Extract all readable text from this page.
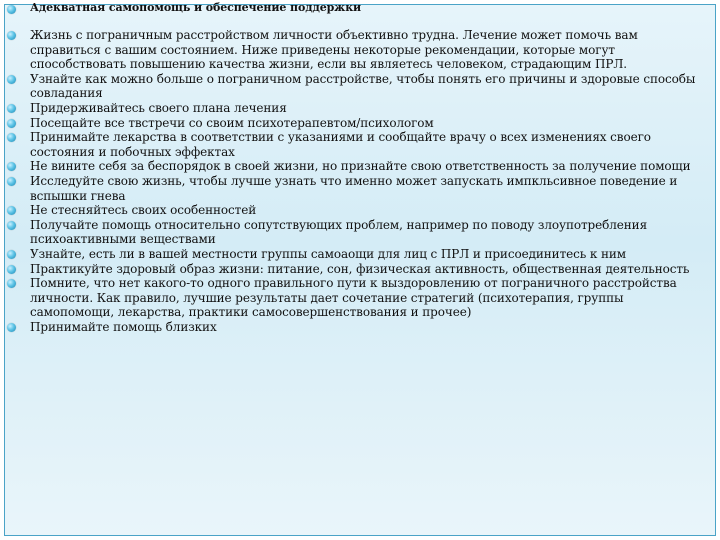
Адекватная самопомощь и обеспечение поддержки
Жизнь с пограничным расстройством личности объективно трудна. Лечение может помочь вам справиться с вашим состоянием. Ниже приведены некоторые рекомендации, которые могут способствовать повышению качества жизни, если вы являетесь человеком, страдающим ПРЛ.
Узнайте как можно больше о пограничном расстройстве, чтобы понять его причины и здоровые способы совладания
Придерживайтесь своего плана лечения
Посещайте все твстречи со своим психотерапевтом/психологом
Принимайте лекарства в соответствии с указаниями и сообщайте врачу о всех изменениях своего состояния и побочных эффектах
Не вините себя за беспорядок в своей жизни, но признайте свою ответственность за получение помощи
Исследуйте свою жизнь, чтобы лучше узнать что именно может запускать импкльсивное поведение и вспышки гнева
Не стесняйтесь своих особенностей
Получайте помощь относительно сопутствующих проблем, например по поводу злоупотребления психоактивными веществами
Узнайте, есть ли в вашей местности группы самоаощи для лиц с ПРЛ и присоединитесь к ним
Практикуйте здоровый образ жизни: питание, сон, физическая активность, общественная деятельность
Помните, что нет какого-то одного правильного пути к выздоровлению от пограничного расстройства личности. Как правило, лучшие результаты дает сочетание стратегий (психотерапия, группы самопомощи, лекарства, практики самосовершенствования и прочее)
Принимайте помощь близких
